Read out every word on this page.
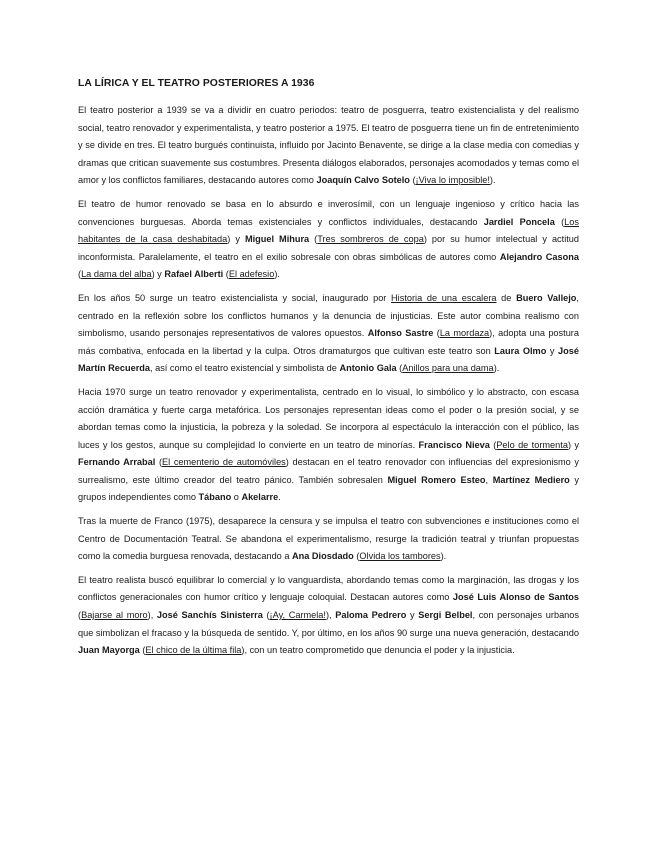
LA LÍRICA Y EL TEATRO POSTERIORES A 1936

El teatro posterior a 1939 se va a dividir en cuatro periodos: teatro de posguerra, teatro existencialista y del realismo social, teatro renovador y experimentalista, y teatro posterior a 1975. El teatro de posguerra tiene un fin de entretenimiento y se divide en tres. El teatro burgués continuista, influido por Jacinto Benavente, se dirige a la clase media con comedias y dramas que critican suavemente sus costumbres. Presenta diálogos elaborados, personajes acomodados y temas como el amor y los conflictos familiares, destacando autores como Joaquín Calvo Sotelo (¡Viva lo imposible!).

El teatro de humor renovado se basa en lo absurdo e inverosímil, con un lenguaje ingenioso y crítico hacia las convenciones burguesas. Aborda temas existenciales y conflictos individuales, destacando Jardiel Poncela (Los habitantes de la casa deshabitada) y Miguel Mihura (Tres sombreros de copa) por su humor intelectual y actitud inconformista. Paralelamente, el teatro en el exilio sobresale con obras simbólicas de autores como Alejandro Casona (La dama del alba) y Rafael Alberti (El adefesio).

En los años 50 surge un teatro existencialista y social, inaugurado por Historia de una escalera de Buero Vallejo, centrado en la reflexión sobre los conflictos humanos y la denuncia de injusticias. Este autor combina realismo con simbolismo, usando personajes representativos de valores opuestos. Alfonso Sastre (La mordaza), adopta una postura más combativa, enfocada en la libertad y la culpa. Otros dramaturgos que cultivan este teatro son Laura Olmo y José Martín Recuerda, así como el teatro existencial y simbolista de Antonio Gala (Anillos para una dama).

Hacia 1970 surge un teatro renovador y experimentalista, centrado en lo visual, lo simbólico y lo abstracto, con escasa acción dramática y fuerte carga metafórica. Los personajes representan ideas como el poder o la presión social, y se abordan temas como la injusticia, la pobreza y la soledad. Se incorpora al espectáculo la interacción con el público, las luces y los gestos, aunque su complejidad lo convierte en un teatro de minorías. Francisco Nieva (Pelo de tormenta) y Fernando Arrabal (El cementerio de automóviles) destacan en el teatro renovador con influencias del expresionismo y surrealismo, este último creador del teatro pánico. También sobresalen Miguel Romero Esteo, Martínez Mediero y grupos independientes como Tábano o Akelarre.

Tras la muerte de Franco (1975), desaparece la censura y se impulsa el teatro con subvenciones e instituciones como el Centro de Documentación Teatral. Se abandona el experimentalismo, resurge la tradición teatral y triunfan propuestas como la comedia burguesa renovada, destacando a Ana Diosdado (Olvida los tambores).

El teatro realista buscó equilibrar lo comercial y lo vanguardista, abordando temas como la marginación, las drogas y los conflictos generacionales con humor crítico y lenguaje coloquial. Destacan autores como José Luis Alonso de Santos (Bajarse al moro), José Sanchís Sinisterra (¡Ay, Carmela!), Paloma Pedrero y Sergi Belbel, con personajes urbanos que simbolizan el fracaso y la búsqueda de sentido. Y, por último, en los años 90 surge una nueva generación, destacando Juan Mayorga (El chico de la última fila), con un teatro comprometido que denuncia el poder y la injusticia.
